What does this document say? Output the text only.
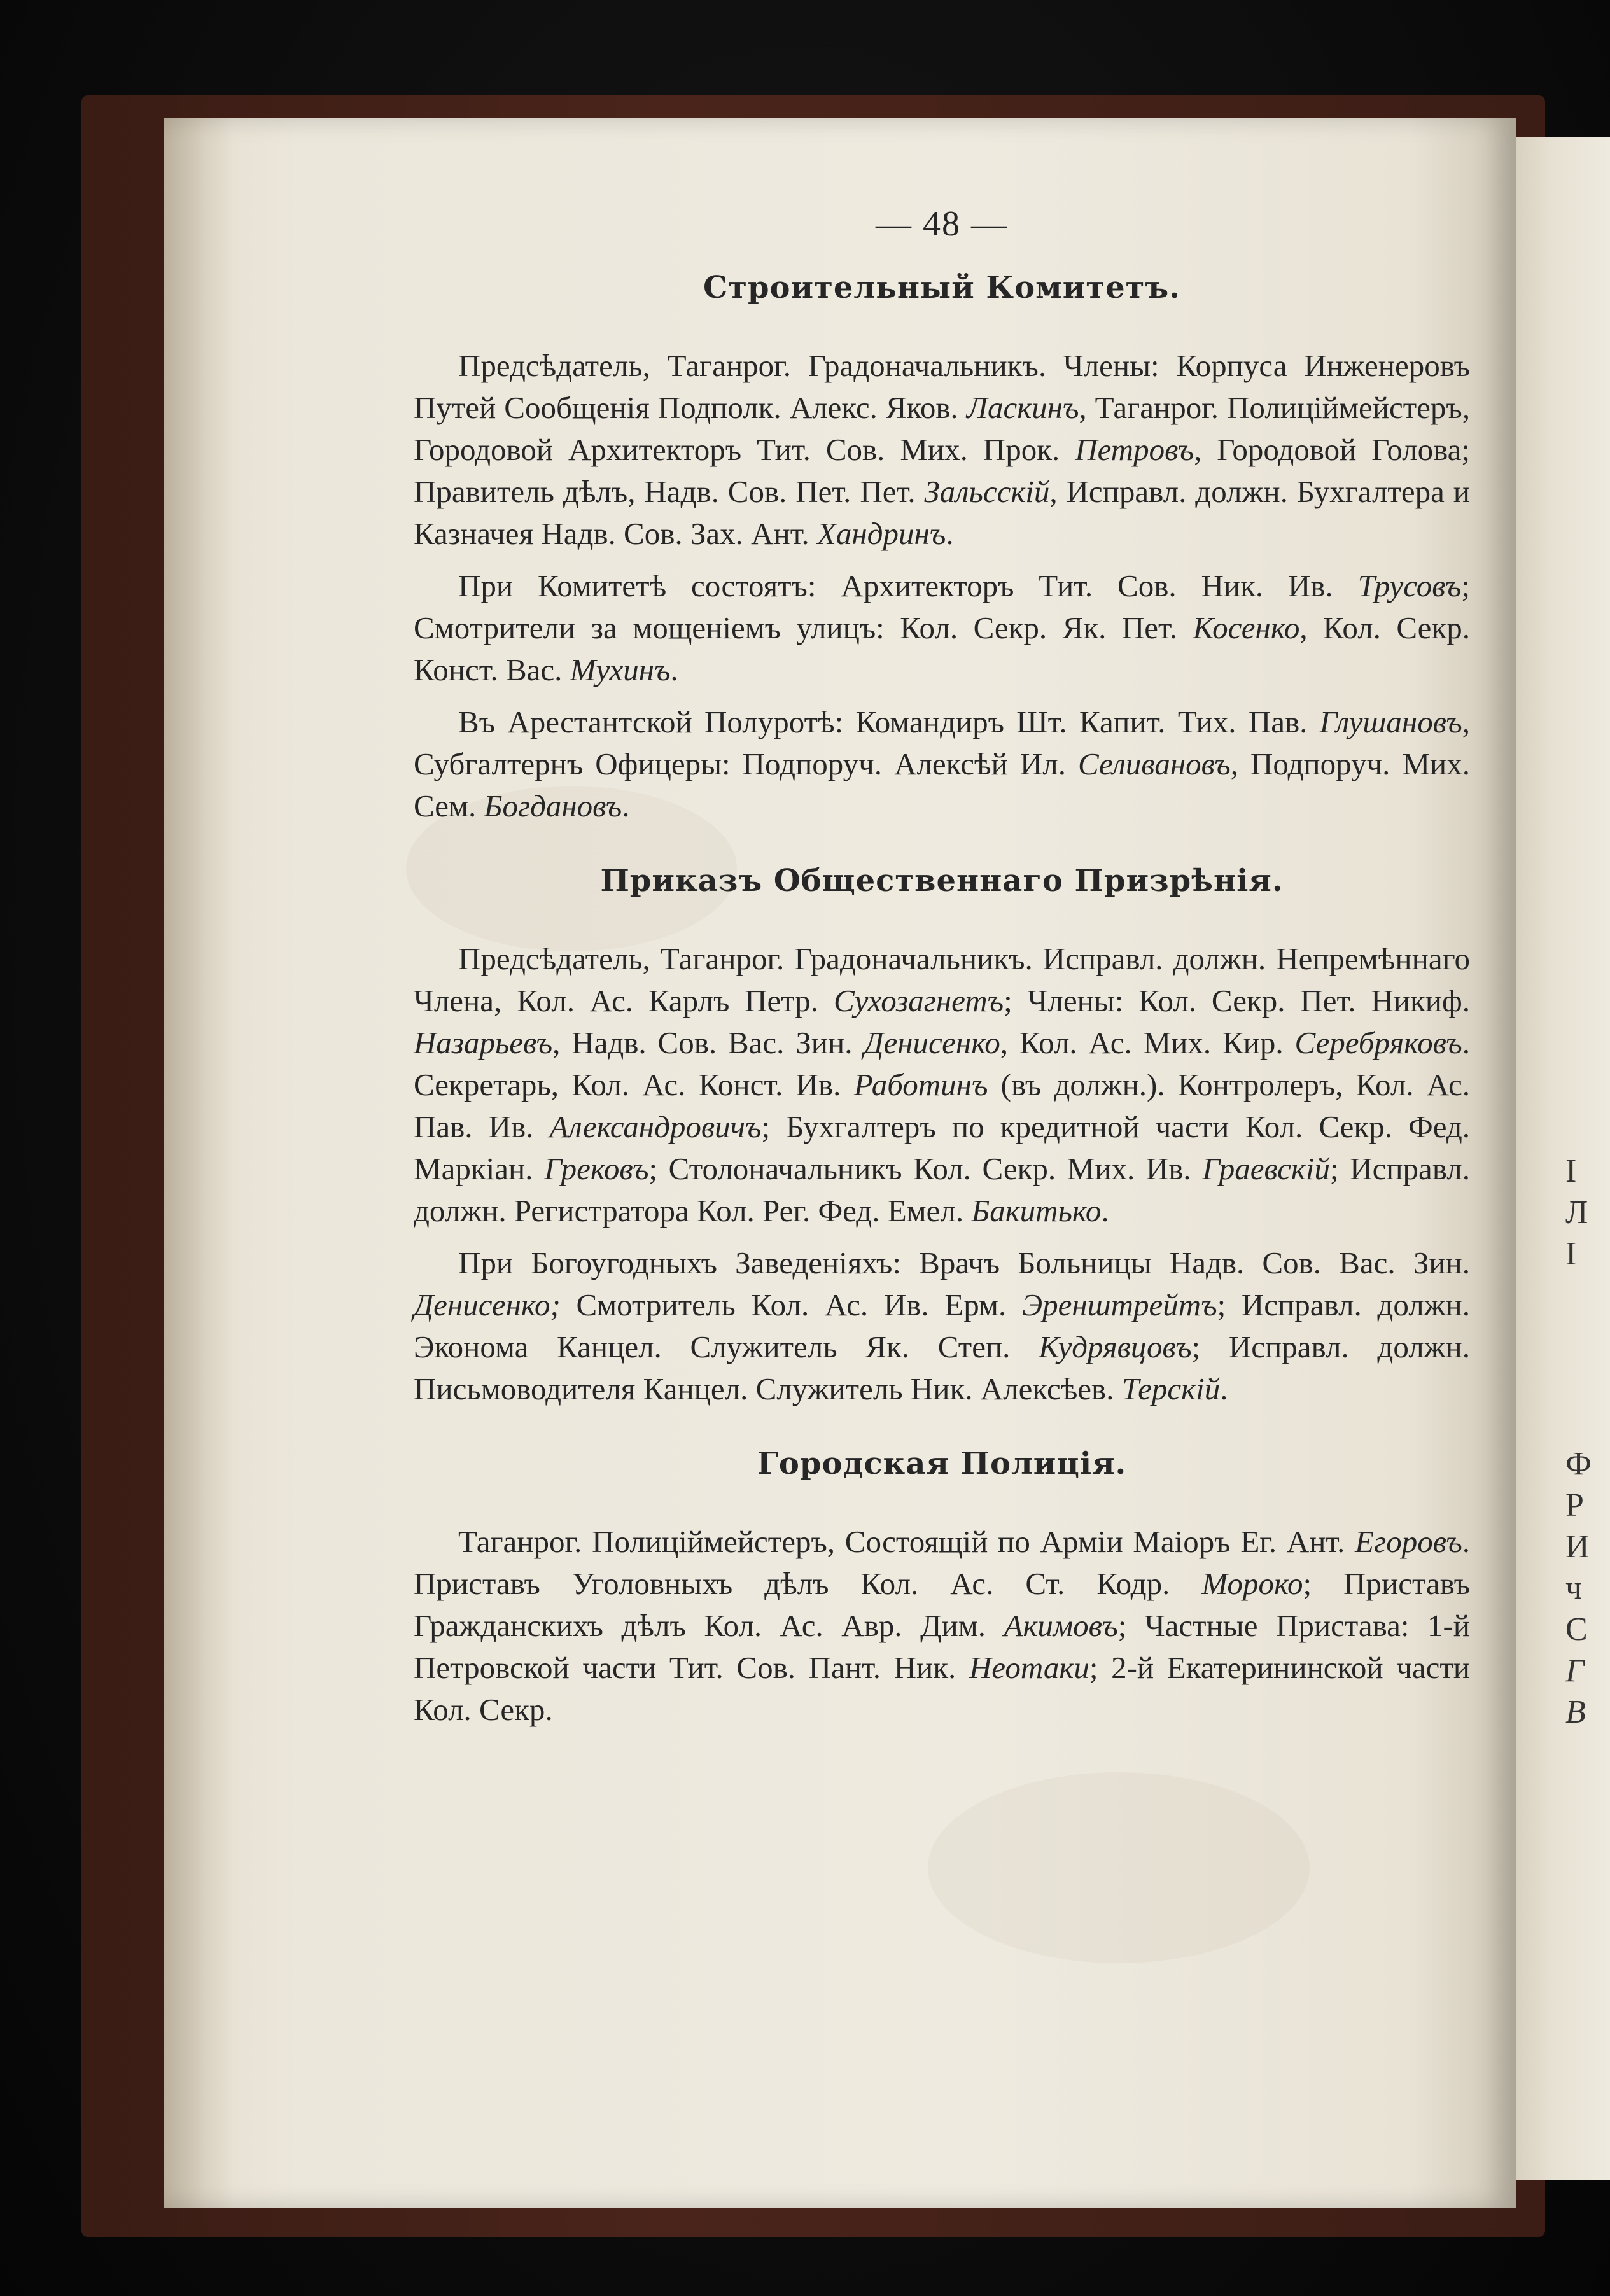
I
Л
I
Ф
Р
И
ч
С
Г
В
— 48 —
Строительный Комитетъ.

Предсѣдатель, Таганрог. Градоначальникъ. Члены: Корпуса Инженеровъ Путей Сообщенія Подполк. Алекс. Яков. Ласкинъ, Таганрог. Полиціймейстеръ, Городовой Архитекторъ Тит. Сов. Мих. Прок. Петровъ, Городовой Голова; Правитель дѣлъ, Надв. Сов. Пет. Пет. Зальсскій, Исправл. должн. Бухгалтера и Казначея Надв. Сов. Зах. Ант. Хандринъ.

При Комитетѣ состоятъ: Архитекторъ Тит. Сов. Ник. Ив. Трусовъ; Смотрители за мощеніемъ улицъ: Кол. Секр. Як. Пет. Косенко, Кол. Секр. Конст. Вас. Мухинъ.

Въ Арестантской Полуротѣ: Командиръ Шт. Капит. Тих. Пав. Глушановъ, Субгалтернъ Офицеры: Подпоруч. Алексѣй Ил. Селивановъ, Подпоруч. Мих. Сем. Богдановъ.

Приказъ Общественнаго Призрѣнія.

Предсѣдатель, Таганрог. Градоначальникъ. Исправл. должн. Непремѣннаго Члена, Кол. Ас. Карлъ Петр. Сухозагнетъ; Члены: Кол. Секр. Пет. Никиф. Назарьевъ, Надв. Сов. Вас. Зин. Денисенко, Кол. Ас. Мих. Кир. Серебряковъ. Секретарь, Кол. Ас. Конст. Ив. Работинъ (въ должн.). Контролеръ, Кол. Ас. Пав. Ив. Александровичъ; Бухгалтеръ по кредитной части Кол. Секр. Фед. Маркіан. Грековъ; Столоначальникъ Кол. Секр. Мих. Ив. Граевскій; Исправл. должн. Регистратора Кол. Рег. Фед. Емел. Бакитько.

При Богоугодныхъ Заведеніяхъ: Врачъ Больницы Надв. Сов. Вас. Зин. Денисенко; Смотритель Кол. Ас. Ив. Ерм. Эренштрейтъ; Исправл. должн. Эконома Канцел. Служитель Як. Степ. Кудрявцовъ; Исправл. должн. Письмоводителя Канцел. Служитель Ник. Алексѣев. Терскій.

Городская Полиція.

Таганрог. Полиціймейстеръ, Состоящій по Арміи Маіоръ Ег. Ант. Егоровъ. Приставъ Уголовныхъ дѣлъ Кол. Ас. Ст. Кодр. Мороко; Приставъ Гражданскихъ дѣлъ Кол. Ас. Авр. Дим. Акимовъ; Частные Пристава: 1-й Петровской части Тит. Сов. Пант. Ник. Неотаки; 2-й Екатерининской части Кол. Секр.
